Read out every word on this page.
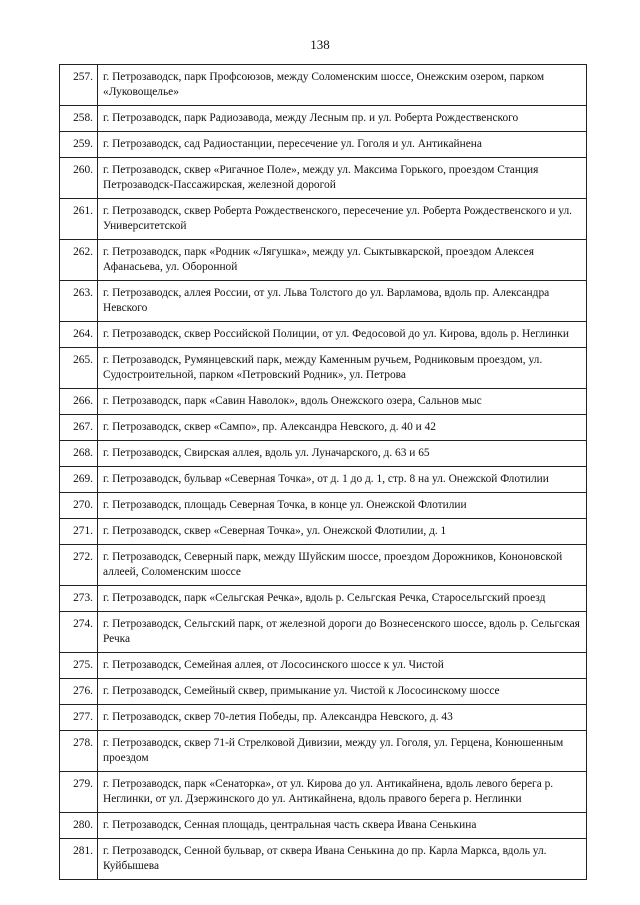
138
257.	г. Петрозаводск, парк Профсоюзов, между Соломенским шоссе, Онежским озером, парком «Луковощелье»
258.	г. Петрозаводск, парк Радиозавода, между Лесным пр. и ул. Роберта Рождественского
259.	г. Петрозаводск, сад Радиостанции, пересечение ул. Гоголя и ул. Антикайнена
260.	г. Петрозаводск, сквер «Ригачное Поле», между ул. Максима Горького, проездом Станция Петрозаводск-Пассажирская, железной дорогой
261.	г. Петрозаводск, сквер Роберта Рождественского, пересечение ул. Роберта Рождественского и ул. Университетской
262.	г. Петрозаводск, парк «Родник «Лягушка», между ул. Сыктывкарской, проездом Алексея Афанасьева, ул. Оборонной
263.	г. Петрозаводск, аллея России, от ул. Льва Толстого до ул. Варламова, вдоль пр. Александра Невского
264.	г. Петрозаводск, сквер Российской Полиции, от ул. Федосовой до ул. Кирова, вдоль р. Неглинки
265.	г. Петрозаводск, Румянцевский парк, между Каменным ручьем, Родниковым проездом, ул. Судостроительной, парком «Петровский Родник», ул. Петрова
266.	г. Петрозаводск, парк «Савин Наволок», вдоль Онежского озера, Сальнов мыс
267.	г. Петрозаводск, сквер «Сампо», пр. Александра Невского, д. 40 и 42
268.	г. Петрозаводск, Свирская аллея, вдоль ул. Луначарского, д. 63 и 65
269.	г. Петрозаводск, бульвар «Северная Точка», от д. 1 до д. 1, стр. 8 на ул. Онежской Флотилии
270.	г. Петрозаводск, площадь Северная Точка, в конце ул. Онежской Флотилии
271.	г. Петрозаводск, сквер «Северная Точка», ул. Онежской Флотилии, д. 1
272.	г. Петрозаводск, Северный парк, между Шуйским шоссе, проездом Дорожников, Кононовской аллеей, Соломенским шоссе
273.	г. Петрозаводск, парк «Сельгская Речка», вдоль р. Сельгская Речка, Старосельгский проезд
274.	г. Петрозаводск, Сельгский парк, от железной дороги до Вознесенского шоссе, вдоль р. Сельгская Речка
275.	г. Петрозаводск, Семейная аллея, от Лососинского шоссе к ул. Чистой
276.	г. Петрозаводск, Семейный сквер, примыкание ул. Чистой к Лососинскому шоссе
277.	г. Петрозаводск, сквер 70-летия Победы, пр. Александра Невского, д. 43
278.	г. Петрозаводск, сквер 71-й Стрелковой Дивизии, между ул. Гоголя, ул. Герцена, Конюшенным проездом
279.	г. Петрозаводск, парк «Сенаторка», от ул. Кирова до ул. Антикайнена, вдоль левого берега р. Неглинки, от ул. Дзержинского до ул. Антикайнена, вдоль правого берега р. Неглинки
280.	г. Петрозаводск, Сенная площадь, центральная часть сквера Ивана Сенькина
281.	г. Петрозаводск, Сенной бульвар, от сквера Ивана Сенькина до пр. Карла Маркса, вдоль ул. Куйбышева
